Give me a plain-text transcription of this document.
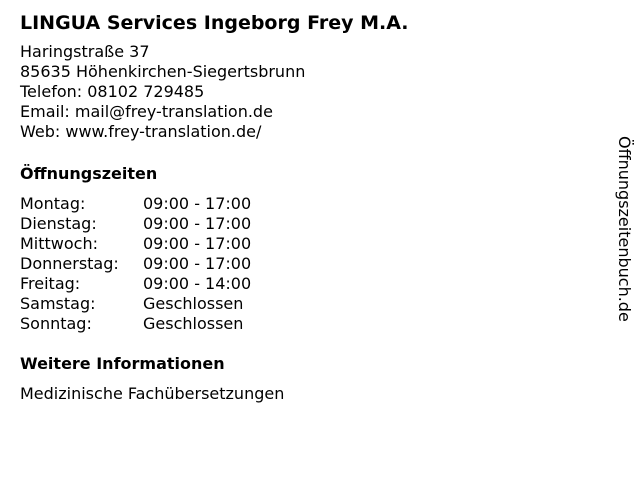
LINGUA Services Ingeborg Frey M.A.
Haringstraße 37
85635 Höhenkirchen-Siegertsbrunn
Telefon: 08102 729485
Email: mail@frey-translation.de
Web: www.frey-translation.de/
Öffnungszeiten
Montag:	09:00 - 17:00
Dienstag:	09:00 - 17:00
Mittwoch:	09:00 - 17:00
Donnerstag:	09:00 - 17:00
Freitag:	09:00 - 14:00
Samstag:	Geschlossen
Sonntag:	Geschlossen
Weitere Informationen
Medizinische Fachübersetzungen
Öffnungszeitenbuch.de
